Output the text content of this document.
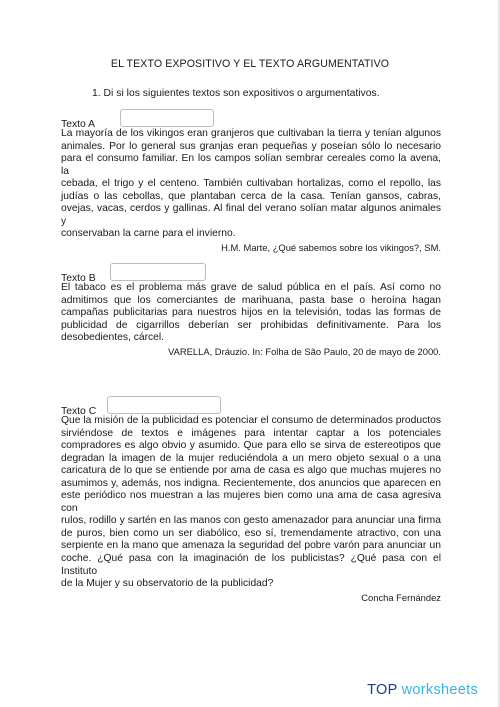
EL TEXTO EXPOSITIVO Y EL TEXTO ARGUMENTATIVO
1. Di si los siguientes textos son expositivos o argumentativos.
Texto A
La mayoría de los vikingos eran granjeros que cultivaban la tierra y tenían algunos
animales. Por lo general sus granjas eran pequeñas y poseían sólo lo necesario
para el consumo familiar. En los campos solían sembrar cereales como la avena, la
cebada, el trigo y el centeno. También cultivaban hortalizas, como el repollo, las
judías o las cebollas, que plantaban cerca de la casa. Tenían gansos, cabras,
ovejas, vacas, cerdos y gallinas. Al final del verano solían matar algunos animales y
conservaban la carne para el invierno.
H.M. Marte, ¿Qué sabemos sobre los vikingos?, SM.
Texto B
El tabaco es el problema más grave de salud pública en el país. Así como no
admitimos que los comerciantes de marihuana, pasta base o heroína hagan
campañas publicitarias para nuestros hijos en la televisión, todas las formas de
publicidad de cigarrillos deberían ser prohibidas definitivamente. Para los
desobedientes, cárcel.
VARELLA, Dráuzio. In: Folha de São Paulo, 20 de mayo de 2000.
Texto C
Que la misión de la publicidad es potenciar el consumo de determinados productos
sirviéndose de textos e imágenes para intentar captar a los potenciales
compradores es algo obvio y asumido. Que para ello se sirva de estereotipos que
degradan la imagen de la mujer reduciéndola a un mero objeto sexual o a una
caricatura de lo que se entiende por ama de casa es algo que muchas mujeres no
asumimos y, además, nos indigna. Recientemente, dos anuncios que aparecen en
este periódico nos muestran a las mujeres bien como una ama de casa agresiva con
rulos, rodillo y sartén en las manos con gesto amenazador para anunciar una firma
de puros, bien como un ser diabólico, eso sí, tremendamente atractivo, con una
serpiente en la mano que amenaza la seguridad del pobre varón para anunciar un
coche. ¿Qué pasa con la imaginación de los publicistas? ¿Qué pasa con el Instituto
de la Mujer y su observatorio de la publicidad?
Concha Fernández
TOP worksheets
